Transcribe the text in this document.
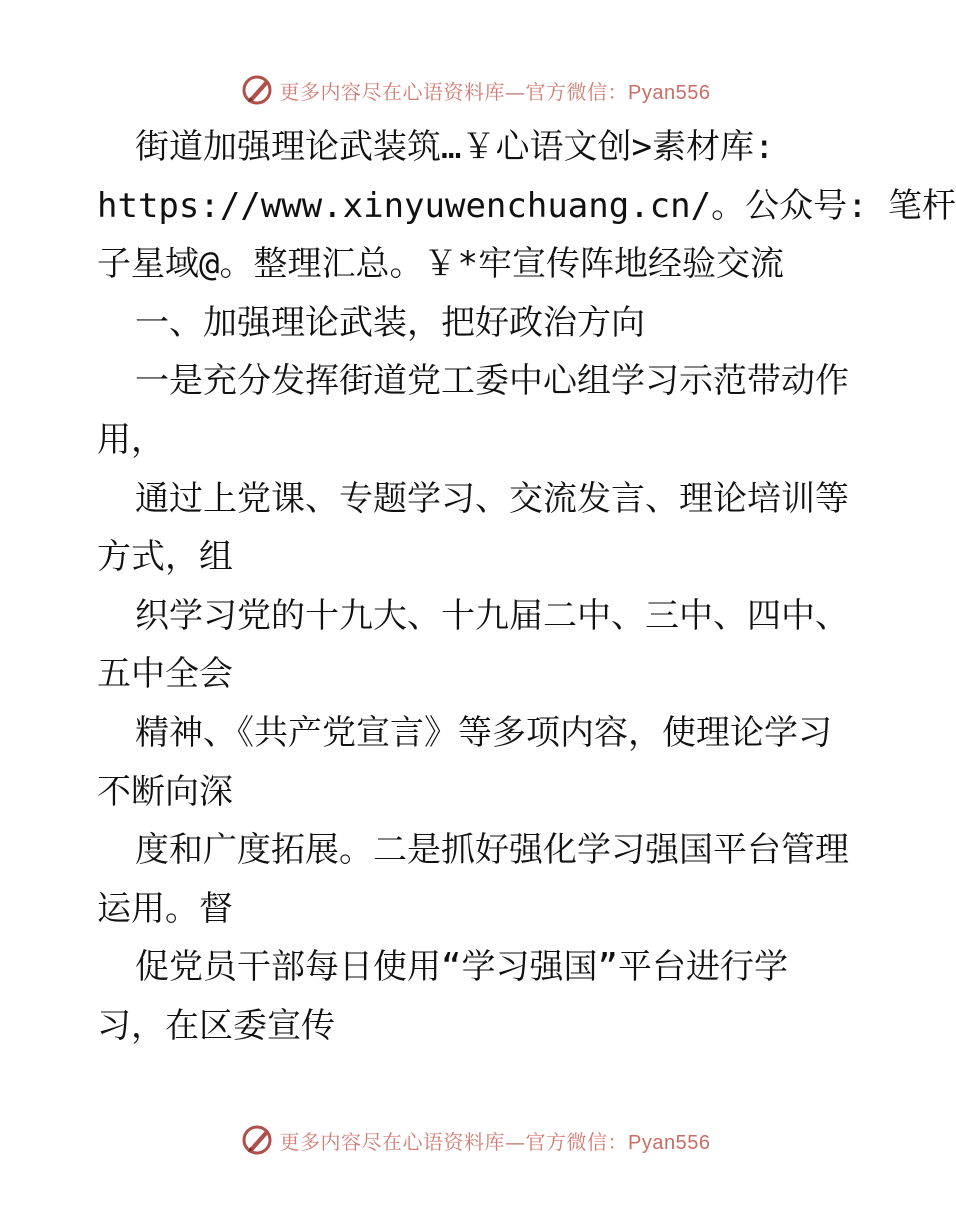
更多内容尽在心语资料库—官方微信：Pyan556
街道加强理论武装筑…￥心语文创>素材库:
https://www.xinyuwenchuang.cn/。公众号: 笔杆
子星域@。整理汇总。￥*牢宣传阵地经验交流
一、加强理论武装，把好政治方向
一是充分发挥街道党工委中心组学习示范带动作
用，
通过上党课、专题学习、交流发言、理论培训等
方式，组
织学习党的十九大、十九届二中、三中、四中、
五中全会
精神、《共产党宣言》等多项内容，使理论学习
不断向深
度和广度拓展。二是抓好强化学习强国平台管理
运用。督
促党员干部每日使用“学习强国”平台进行学
习，在区委宣传
更多内容尽在心语资料库—官方微信：Pyan556
